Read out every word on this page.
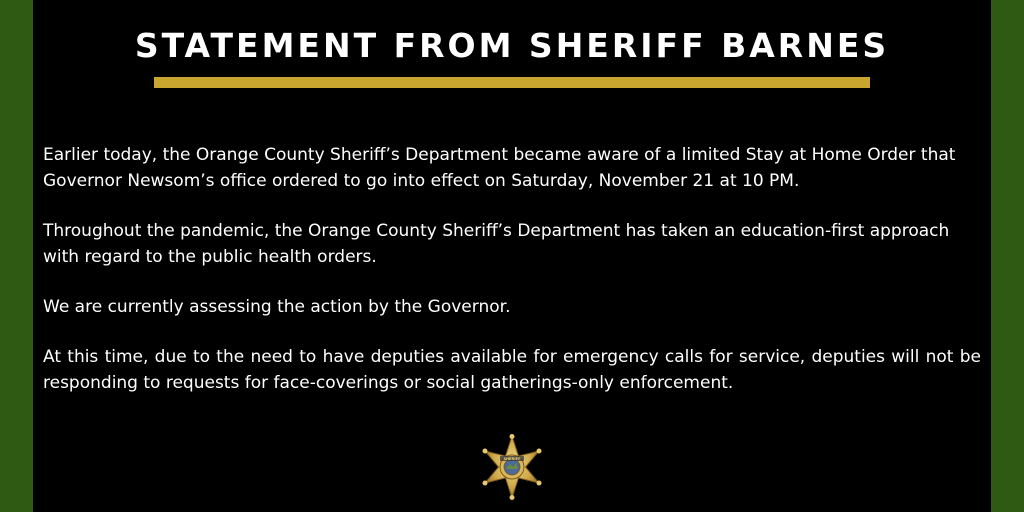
STATEMENT FROM SHERIFF BARNES

Earlier today, the Orange County Sheriff’s Department became aware of a limited Stay at Home Order that Governor Newsom’s office ordered to go into effect on Saturday, November 21 at 10 PM.

Throughout the pandemic, the Orange County Sheriff’s Department has taken an education-first approach with regard to the public health orders.

We are currently assessing the action by the Governor.

At this time, due to the need to have deputies available for emergency calls for service, deputies will not be responding to requests for face-coverings or social gatherings-only enforcement.

SHERIFF
